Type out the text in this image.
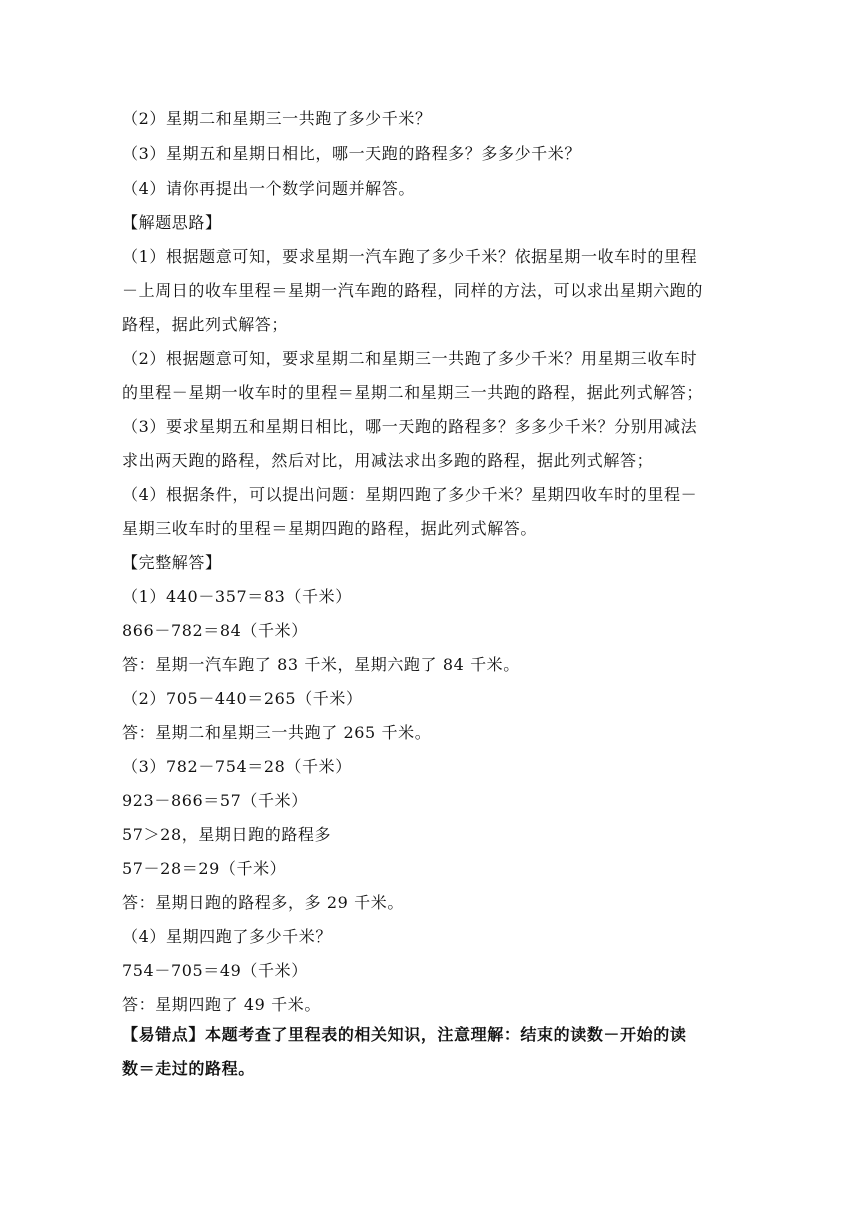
（2）星期二和星期三一共跑了多少千米？
（3）星期五和星期日相比，哪一天跑的路程多？多多少千米？
（4）请你再提出一个数学问题并解答。
【解题思路】
（1）根据题意可知，要求星期一汽车跑了多少千米？依据星期一收车时的里程
－上周日的收车里程＝星期一汽车跑的路程，同样的方法，可以求出星期六跑的
路程，据此列式解答；
（2）根据题意可知，要求星期二和星期三一共跑了多少千米？用星期三收车时
的里程－星期一收车时的里程＝星期二和星期三一共跑的路程，据此列式解答；
（3）要求星期五和星期日相比，哪一天跑的路程多？多多少千米？分别用减法
求出两天跑的路程，然后对比，用减法求出多跑的路程，据此列式解答；
（4）根据条件，可以提出问题：星期四跑了多少千米？星期四收车时的里程－
星期三收车时的里程＝星期四跑的路程，据此列式解答。
【完整解答】
（1）440－357＝83（千米）
866－782＝84（千米）
答：星期一汽车跑了 83 千米，星期六跑了 84 千米。
（2）705－440＝265（千米）
答：星期二和星期三一共跑了 265 千米。
（3）782－754＝28（千米）
923－866＝57（千米）
57＞28，星期日跑的路程多
57－28＝29（千米）
答：星期日跑的路程多，多 29 千米。
（4）星期四跑了多少千米？
754－705＝49（千米）
答：星期四跑了 49 千米。
【易错点】本题考查了里程表的相关知识，注意理解：结束的读数－开始的读
数＝走过的路程。
